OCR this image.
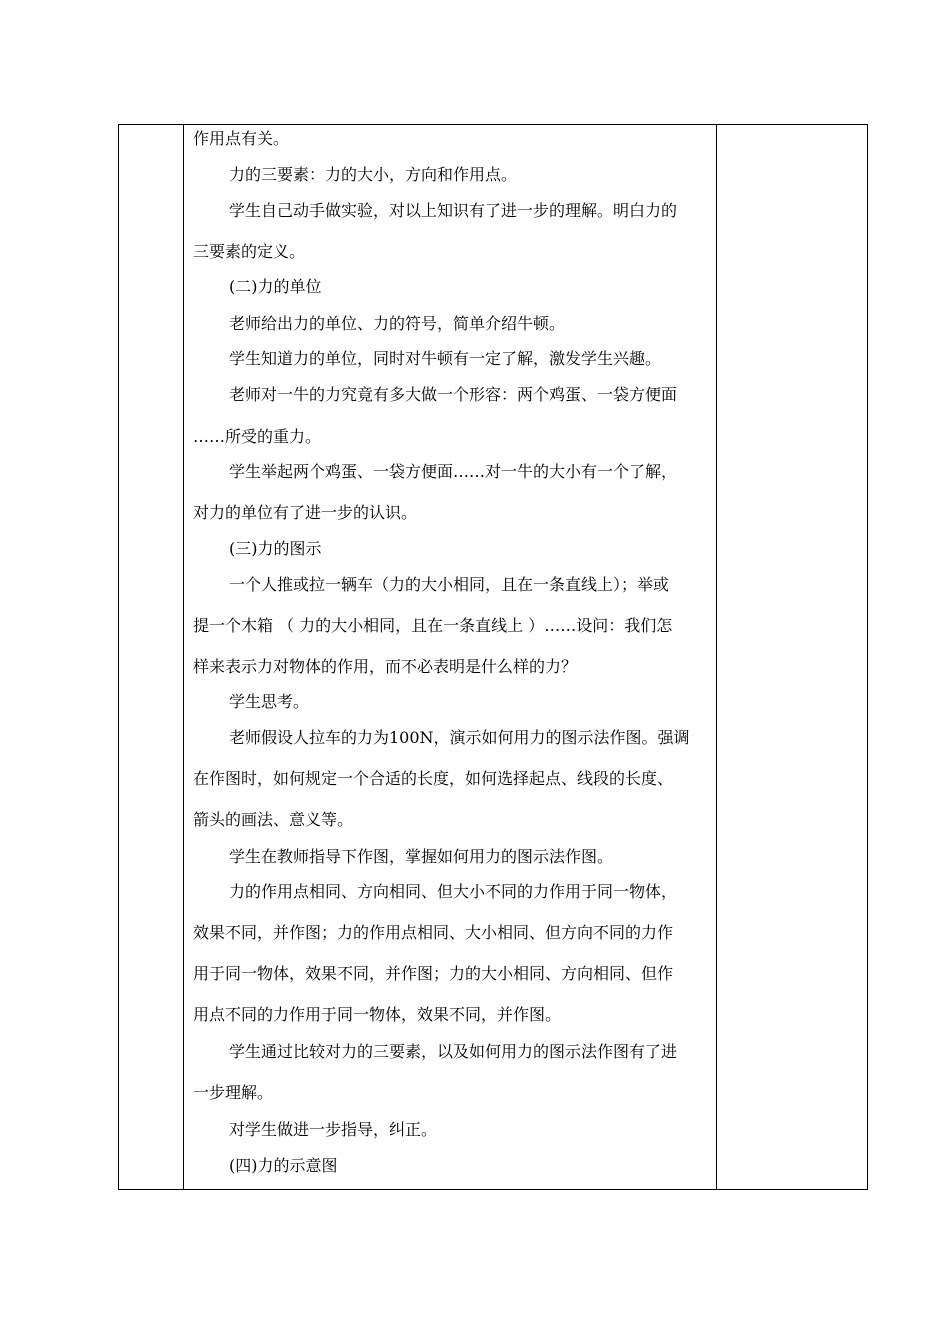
作用点有关。
力的三要素：力的大小，方向和作用点。
学生自己动手做实验，对以上知识有了进一步的理解。明白力的
三要素的定义。
(二)力的单位
老师给出力的单位、力的符号，简单介绍牛顿。
学生知道力的单位，同时对牛顿有一定了解，激发学生兴趣。
老师对一牛的力究竟有多大做一个形容：两个鸡蛋、一袋方便面
……所受的重力。
学生举起两个鸡蛋、一袋方便面……对一牛的大小有一个了解，
对力的单位有了进一步的认识。
(三)力的图示
一个人推或拉一辆车（力的大小相同，且在一条直线上）；举或
提一个木箱 （ 力的大小相同，且在一条直线上 ）……设问：我们怎
样来表示力对物体的作用，而不必表明是什么样的力？
学生思考。
老师假设人拉车的力为100N，演示如何用力的图示法作图。强调
在作图时，如何规定一个合适的长度，如何选择起点、线段的长度、
箭头的画法、意义等。
学生在教师指导下作图，掌握如何用力的图示法作图。
力的作用点相同、方向相同、但大小不同的力作用于同一物体，
效果不同，并作图；力的作用点相同、大小相同、但方向不同的力作
用于同一物体，效果不同，并作图；力的大小相同、方向相同、但作
用点不同的力作用于同一物体，效果不同，并作图。
学生通过比较对力的三要素，以及如何用力的图示法作图有了进
一步理解。
对学生做进一步指导，纠正。
(四)力的示意图
